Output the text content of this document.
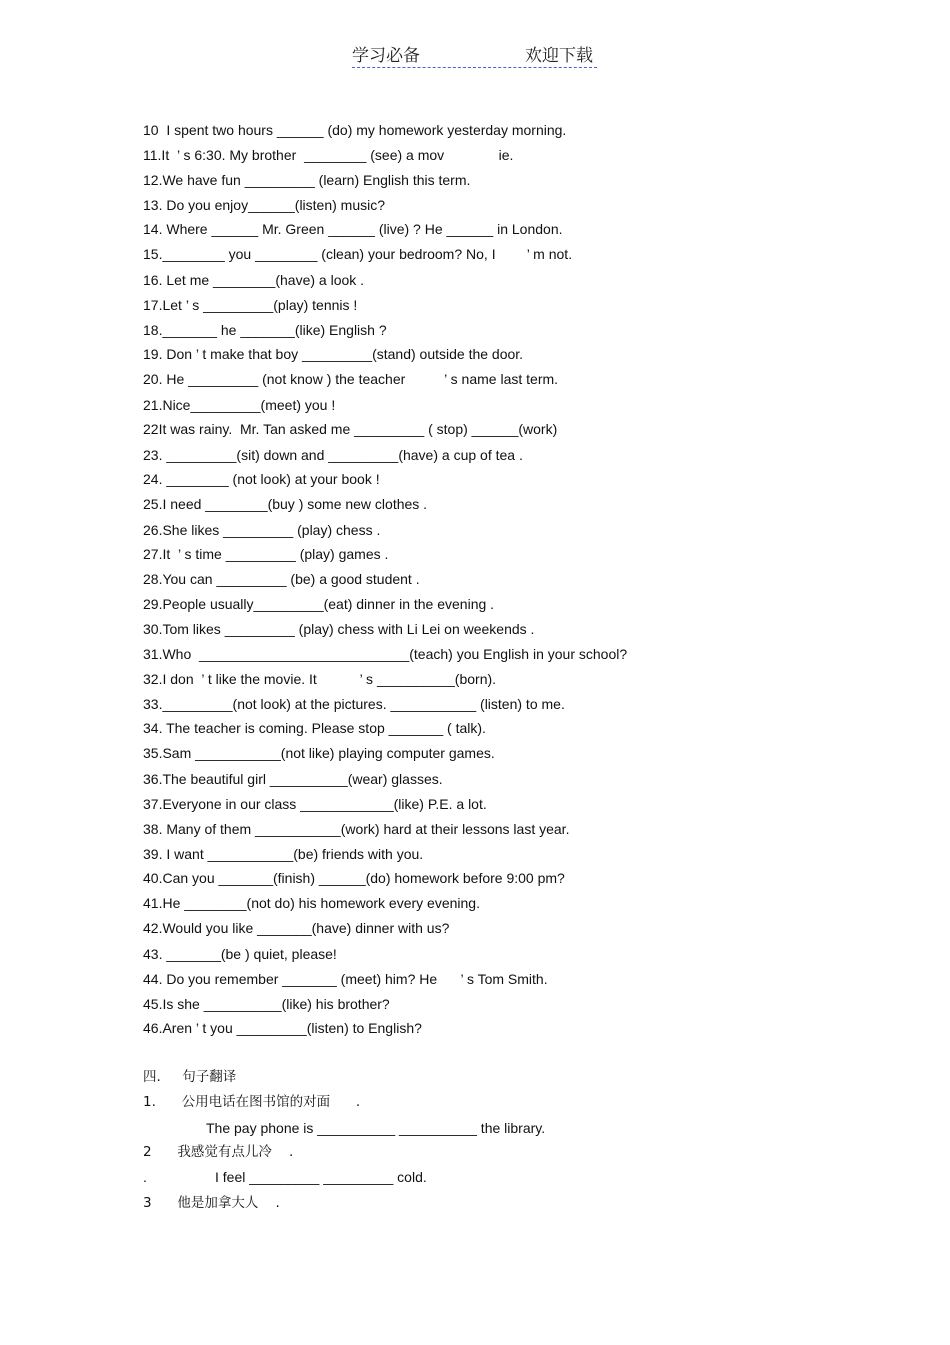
学习必备	欢迎下载
10  I spent two hours ______ (do) my homework yesterday morning.
11.It  ’ s 6:30. My brother  ________ (see) a mov              ie.
12.We have fun _________ (learn) English this term.
13. Do you enjoy______(listen) music?
14. Where ______ Mr. Green ______ (live) ? He ______ in London.
15.________ you ________ (clean) your bedroom? No, I        ’ m not.
16. Let me ________(have) a look .
17.Let ’ s _________(play) tennis !
18._______ he _______(like) English ?
19. Don ’ t make that boy _________(stand) outside the door.
20. He _________ (not know ) the teacher          ’ s name last term.
21.Nice_________(meet) you !
22It was rainy.  Mr. Tan asked me _________ ( stop) ______(work)
23. _________(sit) down and _________(have) a cup of tea .
24. ________ (not look) at your book !
25.I need ________(buy ) some new clothes .
26.She likes _________ (play) chess .
27.It  ’ s time _________ (play) games .
28.You can _________ (be) a good student .
29.People usually_________(eat) dinner in the evening .
30.Tom likes _________ (play) chess with Li Lei on weekends .
31.Who  ___________________________(teach) you English in your school?
32.I don  ’ t like the movie. It           ’ s __________(born).
33._________(not look) at the pictures. ___________ (listen) to me.
34. The teacher is coming. Please stop _______ ( talk).
35.Sam ___________(not like) playing computer games.
36.The beautiful girl __________(wear) glasses.
37.Everyone in our class ____________(like) P.E. a lot.
38. Many of them ___________(work) hard at their lessons last year.
39. I want ___________(be) friends with you.
40.Can you _______(finish) ______(do) homework before 9:00 pm?
41.He ________(not do) his homework every evening.
42.Would you like _______(have) dinner with us?
43. _______(be ) quiet, please!
44. Do you remember _______ (meet) him? He      ’ s Tom Smith.
45.Is she __________(like) his brother?
46.Aren ’ t you _________(listen) to English?
四.     句子翻译
1.      公用电话在图书馆的对面      .
The pay phone is __________ __________ the library.
2      我感觉有点儿冷    .
.	I feel _________ _________ cold.
3      他是加拿大人    .
